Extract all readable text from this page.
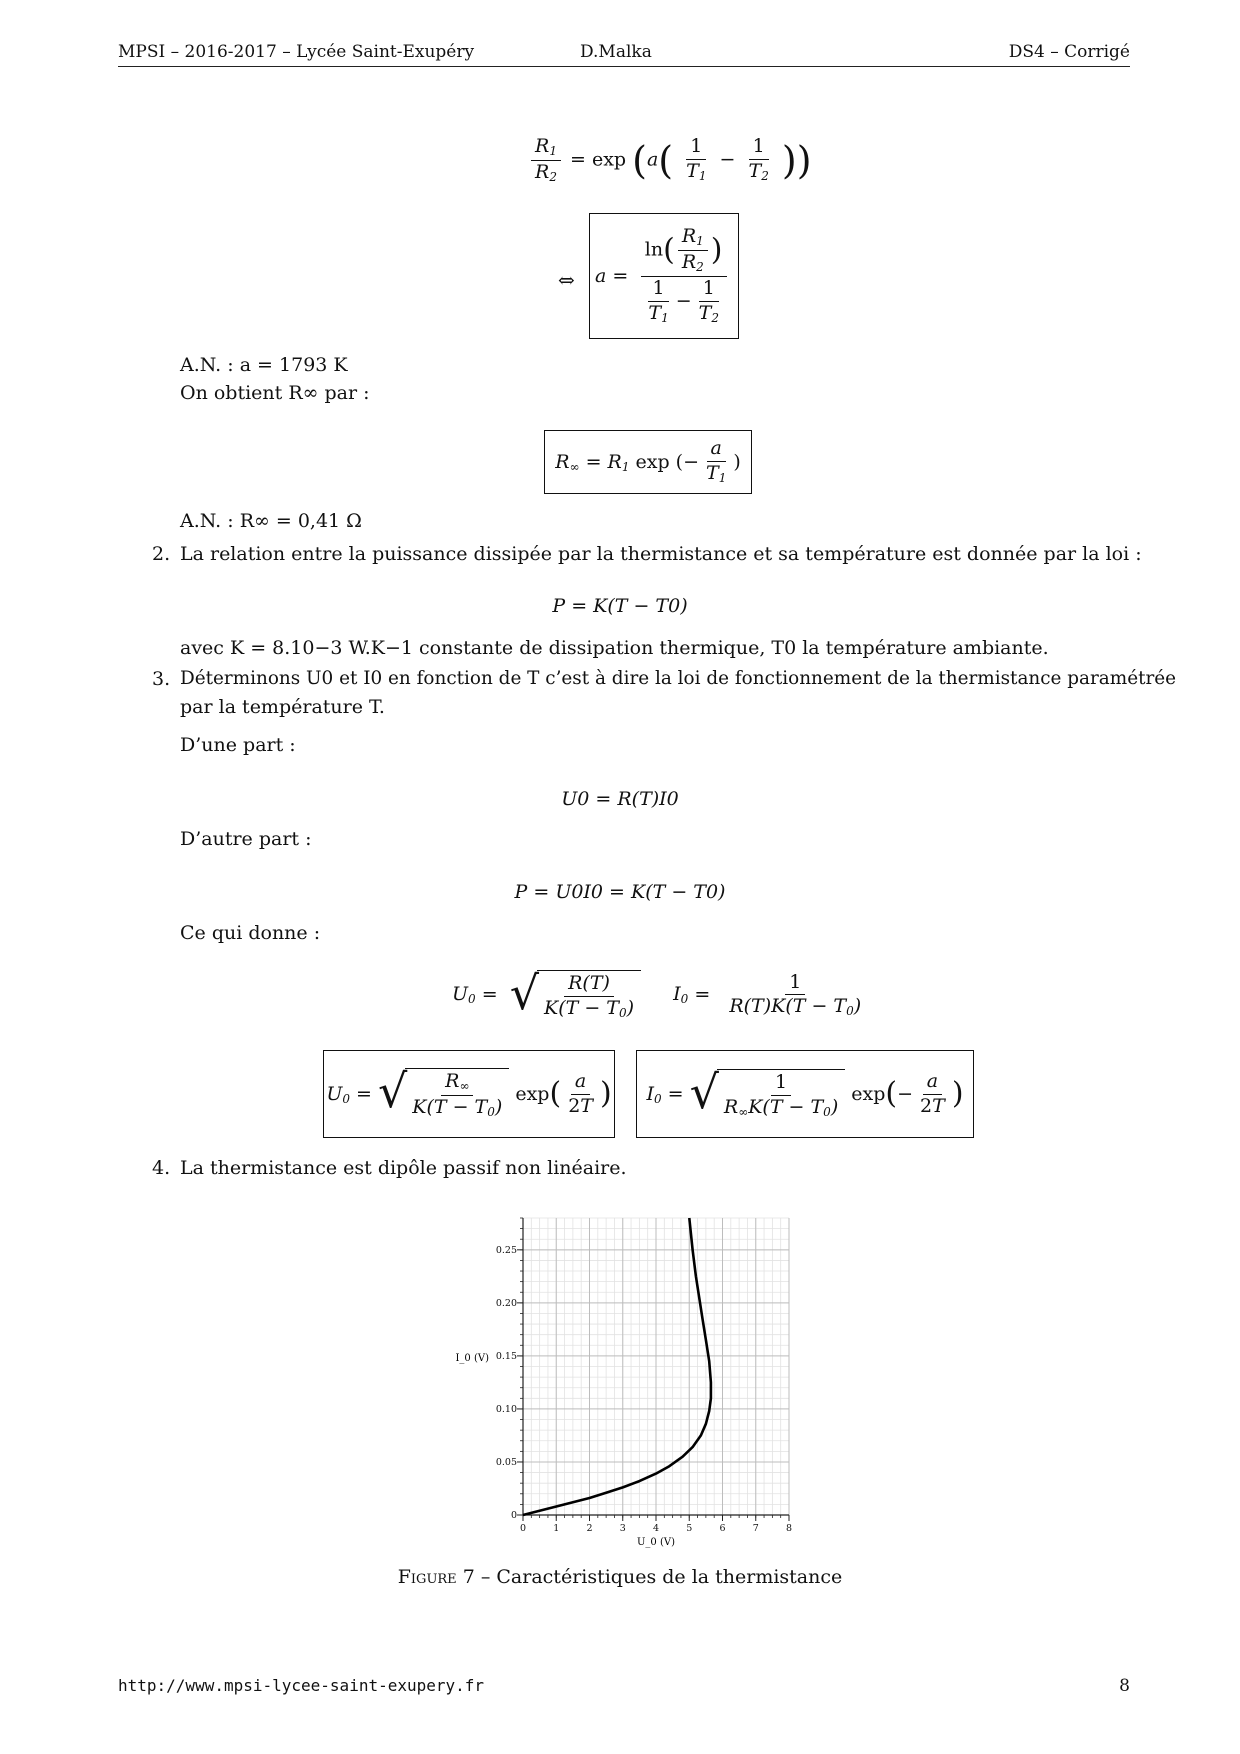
MPSI – 2016-2017 – Lycée Saint-Exupéry	D.Malka	DS4 – Corrigé
$\frac{R_1}{R_2} = \exp (a( \frac{1}{T_1} - \frac{1}{T_2}$ ))
⇔ $a = \frac{\ln( \frac{R_1}{R_2} )}{\frac{1}{T_1} - \frac{1}{T_2}}$
A.N. : a = 1793 K
On obtient R∞ par :
$R_\infty = R_1$ exp (− $\frac{a}{T_1}$ )
A.N. : R∞ = 0,41 Ω
2. La relation entre la puissance dissipée par la thermistance et sa température est donnée par la loi :
P = K(T − T0)
avec K = 8.10−3 W.K−1 constante de dissipation thermique, T0 la température ambiante.
3. Déterminons U0 et I0 en fonction de T c’est à dire la loi de fonctionnement de la thermistance paramétrée
par la température T.
D’une part :
U0 = R(T)I0
D’autre part :
P = U0I0 = K(T − T0)
Ce qui donne :
$U_0$ = √ $\frac{R(T)}{K(T - T_0)} I_0 = \frac{1}{R(T)K(T - T_0)}$
$U_0$ = √ $\frac{R_\infty}{K(T - T_0)}$ exp ( $\frac{a}{2T}$ ) $I_0$ = √ $\frac{1}{R_\infty K(T - T_0)}$ exp ( − $\frac{a}{2T}$ )
4. La thermistance est dipôle passif non linéaire.
0	1	2	3	4	5	6	7	8
0
0.05
0.10
0.15
0.20
0.25
U_0 (V)
I_0 (V)
Figure 7 – Caractéristiques de la thermistance
http://www.mpsi-lycee-saint-exupery.fr	8
